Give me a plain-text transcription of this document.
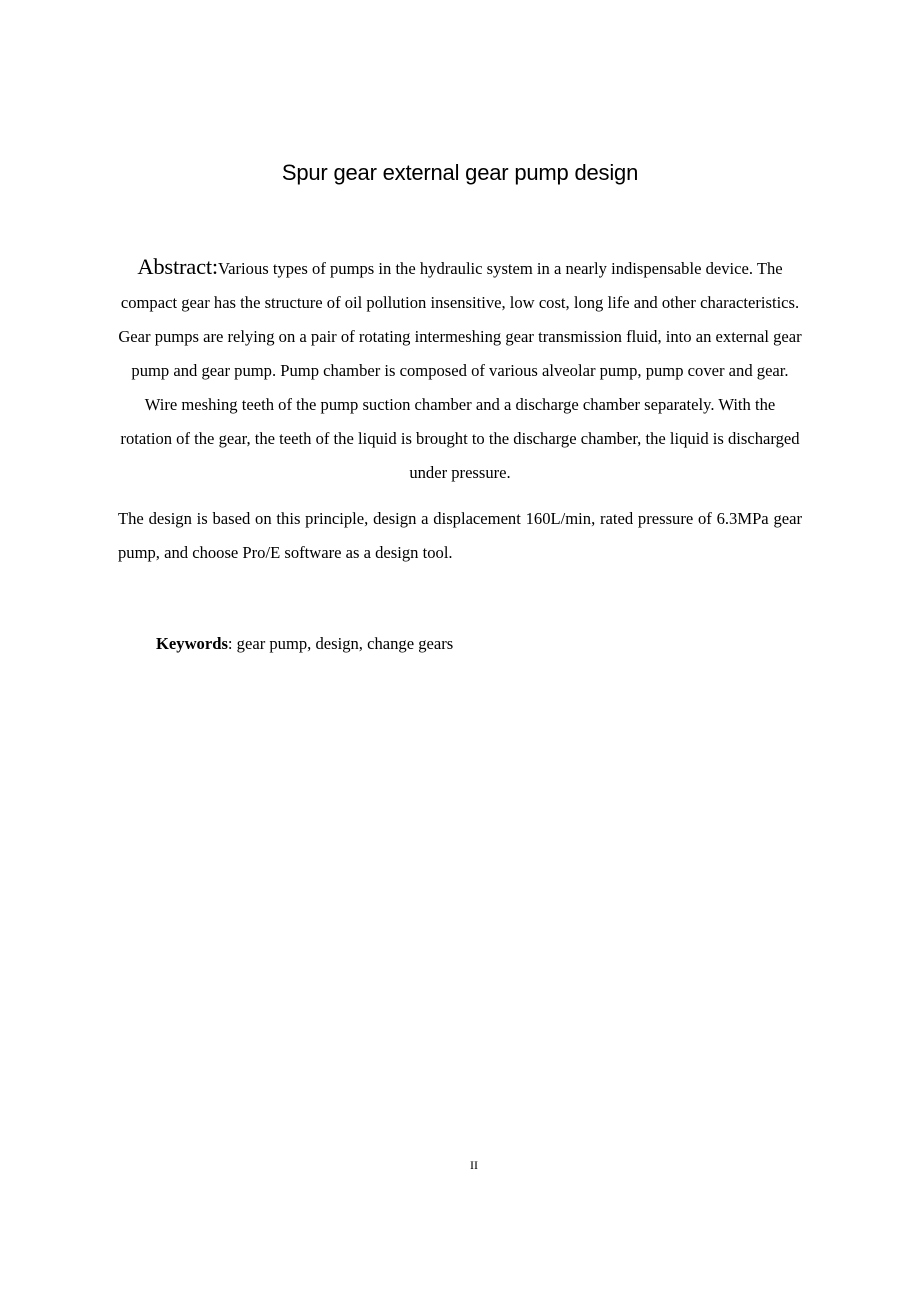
Spur gear external gear pump design
Abstract:Various types of pumps in the hydraulic system in a nearly indispensable device. The compact gear has the structure of oil pollution insensitive, low cost, long life and other characteristics. Gear pumps are relying on a pair of rotating intermeshing gear transmission fluid, into an external gear pump and gear pump. Pump chamber is composed of various alveolar pump, pump cover and gear. Wire meshing teeth of the pump suction chamber and a discharge chamber separately. With the rotation of the gear, the teeth of the liquid is brought to the discharge chamber, the liquid is discharged under pressure.
The design is based on this principle, design a displacement 160L/min, rated pressure of 6.3MPa gear pump, and choose Pro/E software as a design tool.
Keywords: gear pump, design, change gears
II
